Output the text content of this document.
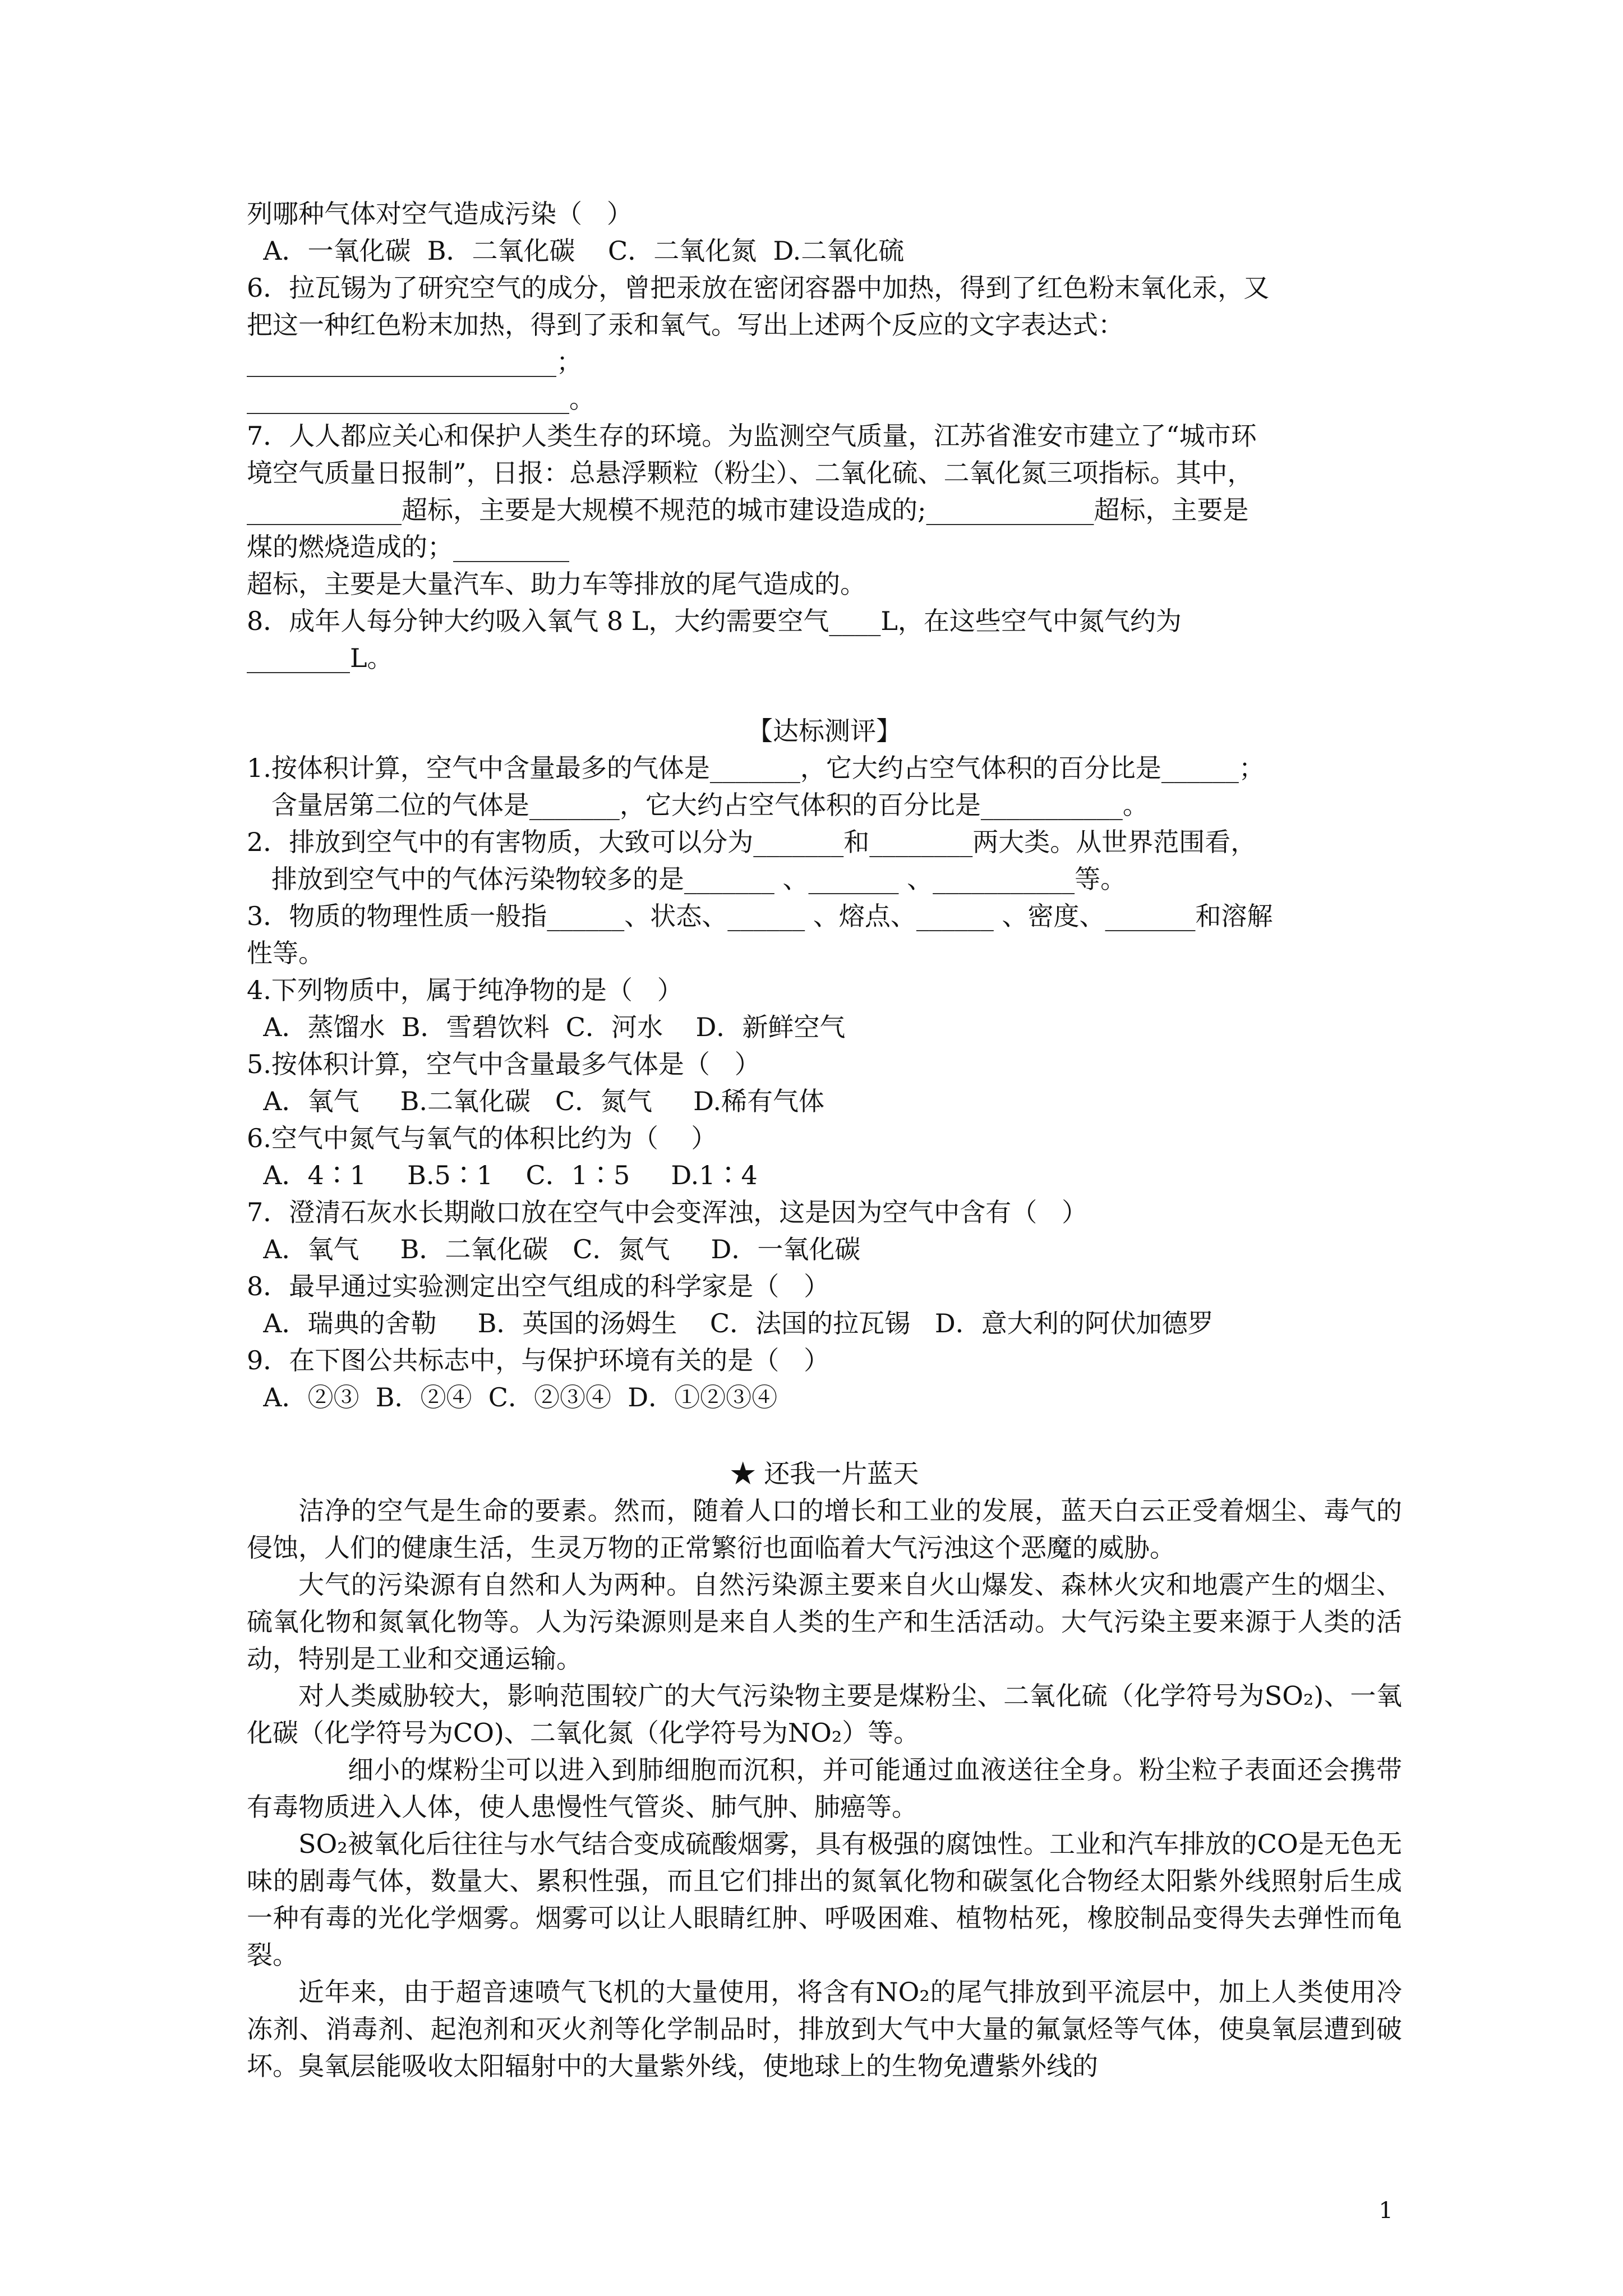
列哪种气体对空气造成污染（   ）
A．一氧化碳  B．二氧化碳    C．二氧化氮  D.二氧化硫
6．拉瓦锡为了研究空气的成分，曾把汞放在密闭容器中加热，得到了红色粉末氧化汞，又
把这一种红色粉末加热，得到了汞和氧气。写出上述两个反应的文字表达式：
________________________；
_________________________。
7．人人都应关心和保护人类生存的环境。为监测空气质量，江苏省淮安市建立了“城市环
境空气质量日报制”，日报：总悬浮颗粒（粉尘）、二氧化硫、二氧化氮三项指标。其中，
____________超标，主要是大规模不规范的城市建设造成的;_____________超标，主要是
煤的燃烧造成的；_________
超标，主要是大量汽车、助力车等排放的尾气造成的。
8．成年人每分钟大约吸入氧气 8 L，大约需要空气____L，在这些空气中氮气约为
________L。
【达标测评】
1.按体积计算，空气中含量最多的气体是_______，它大约占空气体积的百分比是______；
含量居第二位的气体是_______，它大约占空气体积的百分比是___________。
2．排放到空气中的有害物质，大致可以分为_______和________两大类。从世界范围看，
排放到空气中的气体污染物较多的是_______ 、_______ 、___________等。
3．物质的物理性质一般指______、状态、______ 、熔点、______ 、密度、_______和溶解
性等。
4.下列物质中，属于纯净物的是（   ）
A．蒸馏水  B．雪碧饮料  C．河水    D．新鲜空气
5.按体积计算，空气中含量最多气体是（   ）
A．氧气     B.二氧化碳   C．氮气     D.稀有气体
6.空气中氮气与氧气的体积比约为（    ）
A．4∶1     B.5∶1    C．1∶5     D.1∶4
7．澄清石灰水长期敞口放在空气中会变浑浊，这是因为空气中含有（   ）
A．氧气     B．二氧化碳   C．氮气     D．一氧化碳
8．最早通过实验测定出空气组成的科学家是（   ）
A．瑞典的舍勒     B．英国的汤姆生    C．法国的拉瓦锡   D．意大利的阿伏加德罗
9．在下图公共标志中，与保护环境有关的是（   ）
A．②③  B．②④  C．②③④  D．①②③④
★ 还我一片蓝天
洁净的空气是生命的要素。然而，随着人口的增长和工业的发展，蓝天白云正受着烟尘、毒气的侵蚀，人们的健康生活，生灵万物的正常繁衍也面临着大气污浊这个恶魔的威胁。
大气的污染源有自然和人为两种。自然污染源主要来自火山爆发、森林火灾和地震产生的烟尘、硫氧化物和氮氧化物等。人为污染源则是来自人类的生产和生活活动。大气污染主要来源于人类的活动，特别是工业和交通运输。
对人类威胁较大，影响范围较广的大气污染物主要是煤粉尘、二氧化硫（化学符号为SO₂)、一氧化碳（化学符号为CO)、二氧化氮（化学符号为NO₂）等。
细小的煤粉尘可以进入到肺细胞而沉积，并可能通过血液送往全身。粉尘粒子表面还会携带有毒物质进入人体，使人患慢性气管炎、肺气肿、肺癌等。
SO₂被氧化后往往与水气结合变成硫酸烟雾，具有极强的腐蚀性。工业和汽车排放的CO是无色无味的剧毒气体，数量大、累积性强，而且它们排出的氮氧化物和碳氢化合物经太阳紫外线照射后生成一种有毒的光化学烟雾。烟雾可以让人眼睛红肿、呼吸困难、植物枯死，橡胶制品变得失去弹性而龟裂。
近年来，由于超音速喷气飞机的大量使用，将含有NO₂的尾气排放到平流层中，加上人类使用冷冻剂、消毒剂、起泡剂和灭火剂等化学制品时，排放到大气中大量的氟氯烃等气体，使臭氧层遭到破坏。臭氧层能吸收太阳辐射中的大量紫外线，使地球上的生物免遭紫外线的
1
